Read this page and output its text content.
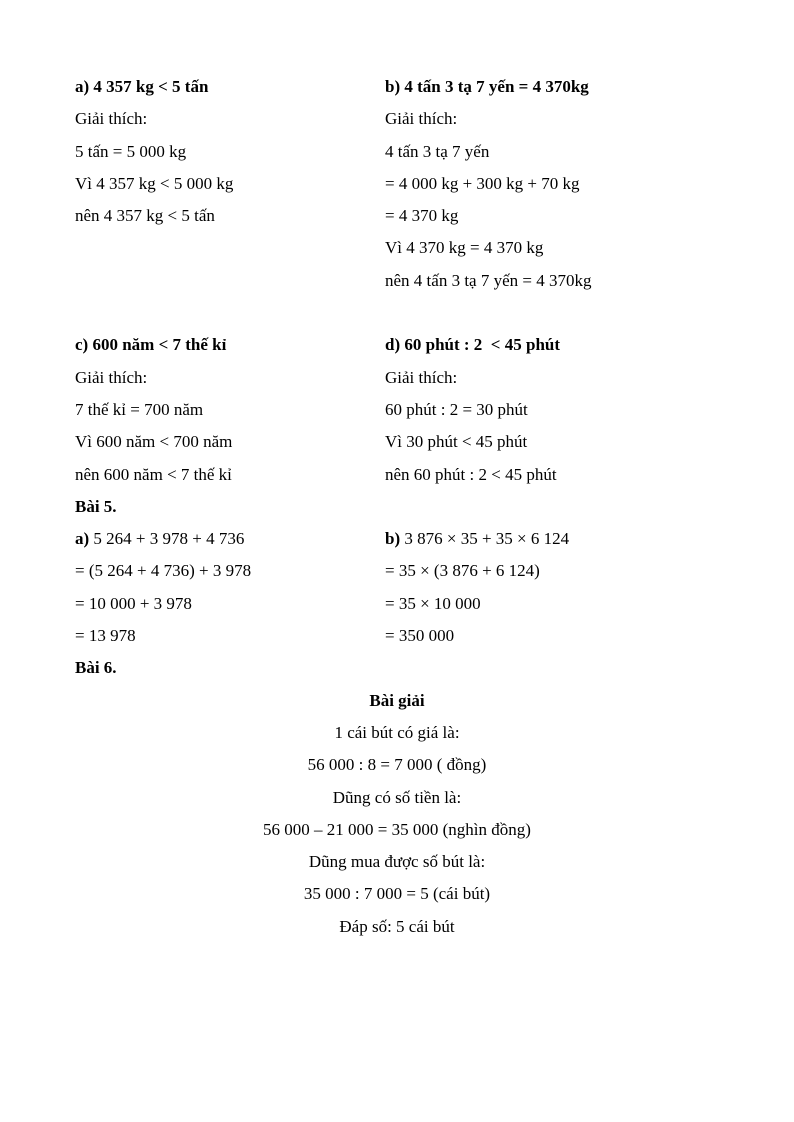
a) 4 357 kg < 5 tấn
Giải thích:
5 tấn = 5 000 kg
Vì 4 357 kg < 5 000 kg
nên 4 357 kg < 5 tấn
b) 4 tấn 3 tạ 7 yến = 4 370kg
Giải thích:
4 tấn 3 tạ 7 yến
= 4 000 kg + 300 kg + 70 kg
= 4 370 kg
Vì 4 370 kg = 4 370 kg
nên 4 tấn 3 tạ 7 yến = 4 370kg
c) 600 năm < 7 thế kỉ
Giải thích:
7 thế kỉ = 700 năm
Vì 600 năm < 700 năm
nên 600 năm < 7 thế kỉ
d) 60 phút : 2  < 45 phút
Giải thích:
60 phút : 2 = 30 phút
Vì 30 phút < 45 phút
nên 60 phút : 2 < 45 phút
Bài 5.
a) 5 264 + 3 978 + 4 736
= (5 264 + 4 736) + 3 978
= 10 000 + 3 978
= 13 978
b) 3 876 × 35 + 35 × 6 124
= 35 × (3 876 + 6 124)
= 35 × 10 000
= 350 000
Bài 6.
Bài giải
1 cái bút có giá là:
56 000 : 8 = 7 000 ( đồng)
Dũng có số tiền là:
56 000 – 21 000 = 35 000 (nghìn đồng)
Dũng mua được số bút là:
35 000 : 7 000 = 5 (cái bút)
Đáp số: 5 cái bút
